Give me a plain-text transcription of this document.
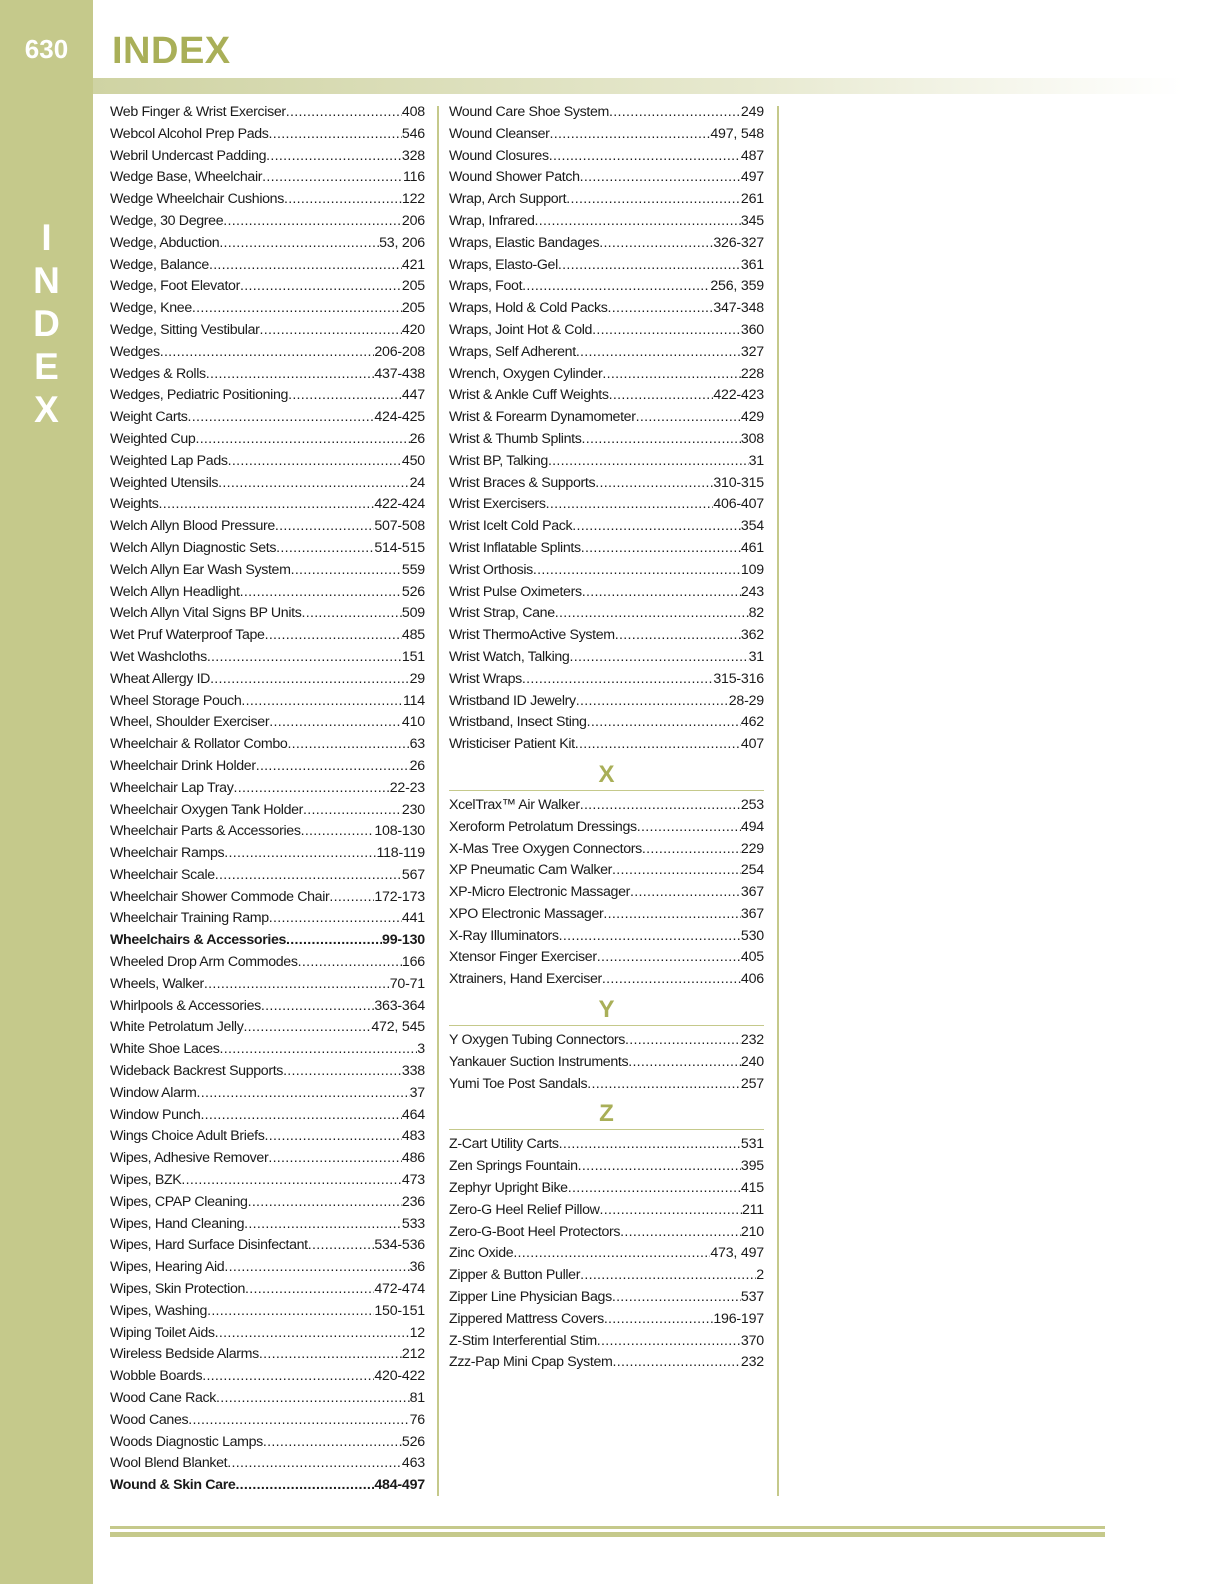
630
I
N
D
E
X
INDEX
Web Finger & Wrist Exerciser .....	408
Webcol Alcohol Prep Pads .....	546
Webril Undercast Padding .....	328
Wedge Base, Wheelchair .....	116
Wedge Wheelchair Cushions .....	122
Wedge, 30 Degree .....	206
Wedge, Abduction .....	53, 206
Wedge, Balance .....	421
Wedge, Foot Elevator .....	205
Wedge, Knee .....	205
Wedge, Sitting Vestibular .....	420
Wedges .....	206-208
Wedges & Rolls .....	437-438
Wedges, Pediatric Positioning .....	447
Weight Carts .....	424-425
Weighted Cup .....	26
Weighted Lap Pads .....	450
Weighted Utensils .....	24
Weights .....	422-424
Welch Allyn Blood Pressure .....	507-508
Welch Allyn Diagnostic Sets .....	514-515
Welch Allyn Ear Wash System .....	559
Welch Allyn Headlight .....	526
Welch Allyn Vital Signs BP Units .....	509
Wet Pruf Waterproof Tape .....	485
Wet Washcloths .....	151
Wheat Allergy ID .....	29
Wheel Storage Pouch .....	114
Wheel, Shoulder Exerciser .....	410
Wheelchair & Rollator Combo .....	63
Wheelchair Drink Holder .....	26
Wheelchair Lap Tray .....	22-23
Wheelchair Oxygen Tank Holder .....	230
Wheelchair Parts & Accessories .....	108-130
Wheelchair Ramps .....	118-119
Wheelchair Scale .....	567
Wheelchair Shower Commode Chair .....	172-173
Wheelchair Training Ramp .....	441
Wheelchairs & Accessories .....	99-130
Wheeled Drop Arm Commodes .....	166
Wheels, Walker .....	70-71
Whirlpools & Accessories .....	363-364
White Petrolatum Jelly .....	472, 545
White Shoe Laces .....	3
Wideback Backrest Supports .....	338
Window Alarm .....	37
Window Punch .....	464
Wings Choice Adult Briefs .....	483
Wipes, Adhesive Remover .....	486
Wipes, BZK .....	473
Wipes, CPAP Cleaning .....	236
Wipes, Hand Cleaning .....	533
Wipes, Hard Surface Disinfectant .....	534-536
Wipes, Hearing Aid .....	36
Wipes, Skin Protection .....	472-474
Wipes, Washing .....	150-151
Wiping Toilet Aids .....	12
Wireless Bedside Alarms .....	212
Wobble Boards .....	420-422
Wood Cane Rack .....	81
Wood Canes .....	76
Woods Diagnostic Lamps .....	526
Wool Blend Blanket .....	463
Wound & Skin Care .....	484-497
Wound Care Shoe System .....	249
Wound Cleanser .....	497, 548
Wound Closures .....	487
Wound Shower Patch .....	497
Wrap, Arch Support .....	261
Wrap, Infrared .....	345
Wraps, Elastic Bandages .....	326-327
Wraps, Elasto-Gel .....	361
Wraps, Foot .....	256, 359
Wraps, Hold & Cold Packs .....	347-348
Wraps, Joint Hot & Cold .....	360
Wraps, Self Adherent .....	327
Wrench, Oxygen Cylinder .....	228
Wrist & Ankle Cuff Weights .....	422-423
Wrist & Forearm Dynamometer .....	429
Wrist & Thumb Splints .....	308
Wrist BP, Talking .....	31
Wrist Braces & Supports .....	310-315
Wrist Exercisers .....	406-407
Wrist Icelt Cold Pack .....	354
Wrist Inflatable Splints .....	461
Wrist Orthosis .....	109
Wrist Pulse Oximeters .....	243
Wrist Strap, Cane .....	82
Wrist ThermoActive System .....	362
Wrist Watch, Talking .....	31
Wrist Wraps .....	315-316
Wristband ID Jewelry .....	28-29
Wristband, Insect Sting .....	462
Wristiciser Patient Kit .....	407
X
XcelTrax™ Air Walker .....	253
Xeroform Petrolatum Dressings .....	494
X-Mas Tree Oxygen Connectors .....	229
XP Pneumatic Cam Walker .....	254
XP-Micro Electronic Massager .....	367
XPO Electronic Massager .....	367
X-Ray Illuminators .....	530
Xtensor Finger Exerciser .....	405
Xtrainers, Hand Exerciser .....	406
Y
Y Oxygen Tubing Connectors .....	232
Yankauer Suction Instruments .....	240
Yumi Toe Post Sandals .....	257
Z
Z-Cart Utility Carts .....	531
Zen Springs Fountain .....	395
Zephyr Upright Bike .....	415
Zero-G Heel Relief Pillow .....	211
Zero-G-Boot Heel Protectors .....	210
Zinc Oxide .....	473, 497
Zipper & Button Puller .....	2
Zipper Line Physician Bags .....	537
Zippered Mattress Covers .....	196-197
Z-Stim Interferential Stim .....	370
Zzz-Pap Mini Cpap System .....	232
